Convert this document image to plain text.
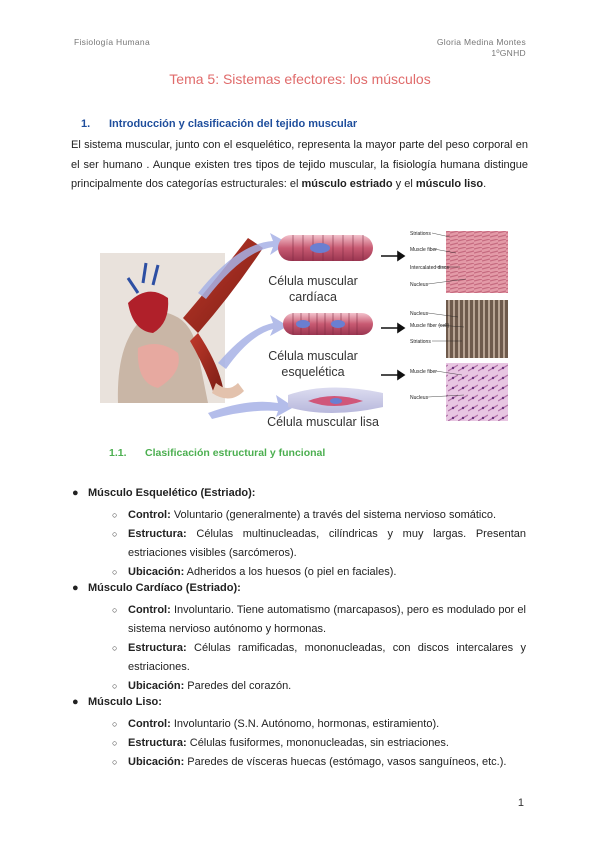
Fisiología Humana	Gloria Medina Montes
1ºGNHD
Tema 5: Sistemas efectores: los músculos
1. Introducción y clasificación del tejido muscular
El sistema muscular, junto con el esquelético, representa la mayor parte del peso corporal en el ser humano . Aunque existen tres tipos de tejido muscular, la fisiología humana distingue principalmente dos categorías estructurales: el músculo estriado y el músculo liso.
Célula muscular
cardíaca
Célula muscular
esquelética
Célula muscular lisa
Striations
Muscle fiber
Intercalated discs
Nucleus
Nucleus
Muscle fiber (cell)
Striations
Muscle fiber
Nucleus
1.1. Clasificación estructural y funcional
● Músculo Esquelético (Estriado):
○ Control: Voluntario (generalmente) a través del sistema nervioso somático.
○ Estructura: Células multinucleadas, cilíndricas y muy largas. Presentan estriaciones visibles (sarcómeros).
○ Ubicación: Adheridos a los huesos (o piel en faciales).
● Músculo Cardíaco (Estriado):
○ Control: Involuntario. Tiene automatismo (marcapasos), pero es modulado por el sistema nervioso autónomo y hormonas.
○ Estructura: Células ramificadas, mononucleadas, con discos intercalares y estriaciones.
○ Ubicación: Paredes del corazón.
● Músculo Liso:
○ Control: Involuntario (S.N. Autónomo, hormonas, estiramiento).
○ Estructura: Células fusiformes, mononucleadas, sin estriaciones.
○ Ubicación: Paredes de vísceras huecas (estómago, vasos sanguíneos, etc.).
1
